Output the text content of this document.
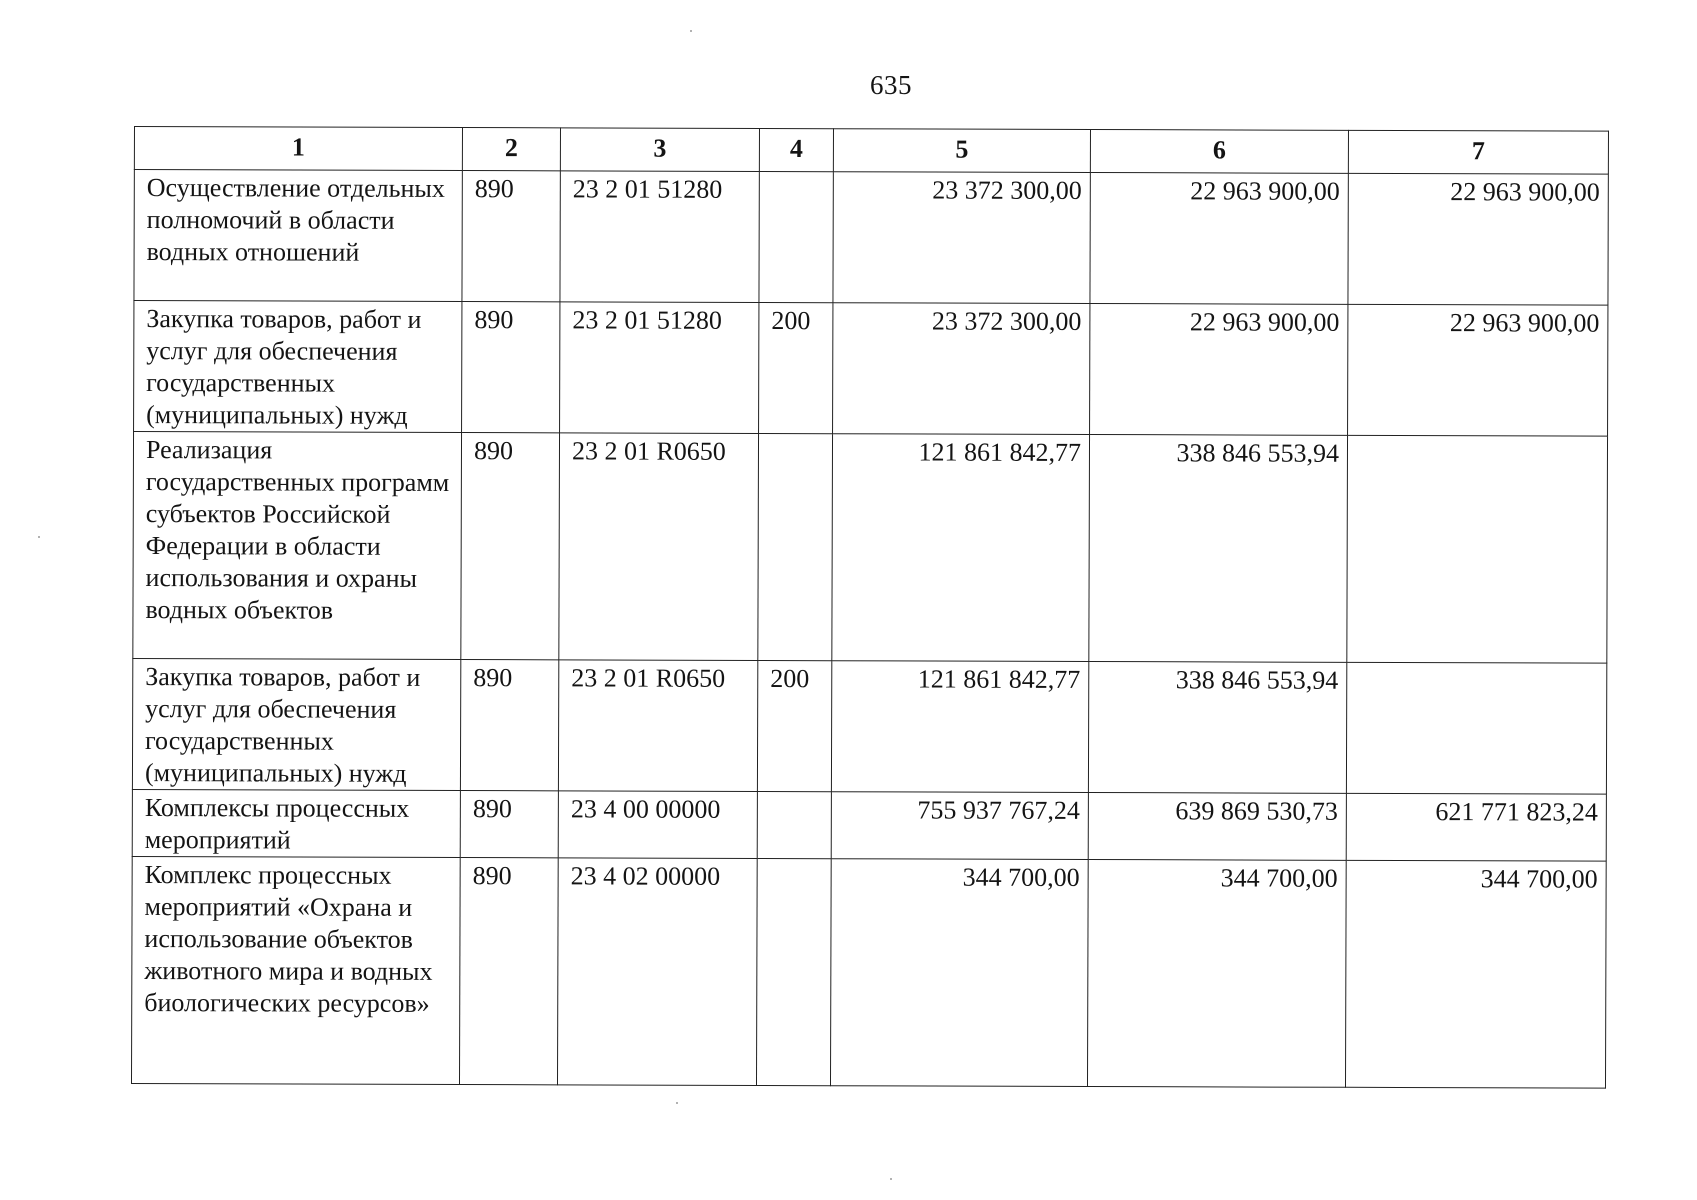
635
1	2	3	4	5	6	7
Осуществление отдельных полномочий в области водных отношений	890	23 2 01 51280		23 372 300,00	22 963 900,00	22 963 900,00
Закупка товаров, работ и услуг для обеспечения государственных (муниципальных) нужд	890	23 2 01 51280	200	23 372 300,00	22 963 900,00	22 963 900,00
Реализация государственных программ субъектов Российской Федерации в области использования и охраны водных объектов	890	23 2 01 R0650		121 861 842,77	338 846 553,94	
Закупка товаров, работ и услуг для обеспечения государственных (муниципальных) нужд	890	23 2 01 R0650	200	121 861 842,77	338 846 553,94	
Комплексы процессных мероприятий	890	23 4 00 00000		755 937 767,24	639 869 530,73	621 771 823,24
Комплекс процессных мероприятий «Охрана и использование объектов животного мира и водных биологических ресурсов»	890	23 4 02 00000		344 700,00	344 700,00	344 700,00
